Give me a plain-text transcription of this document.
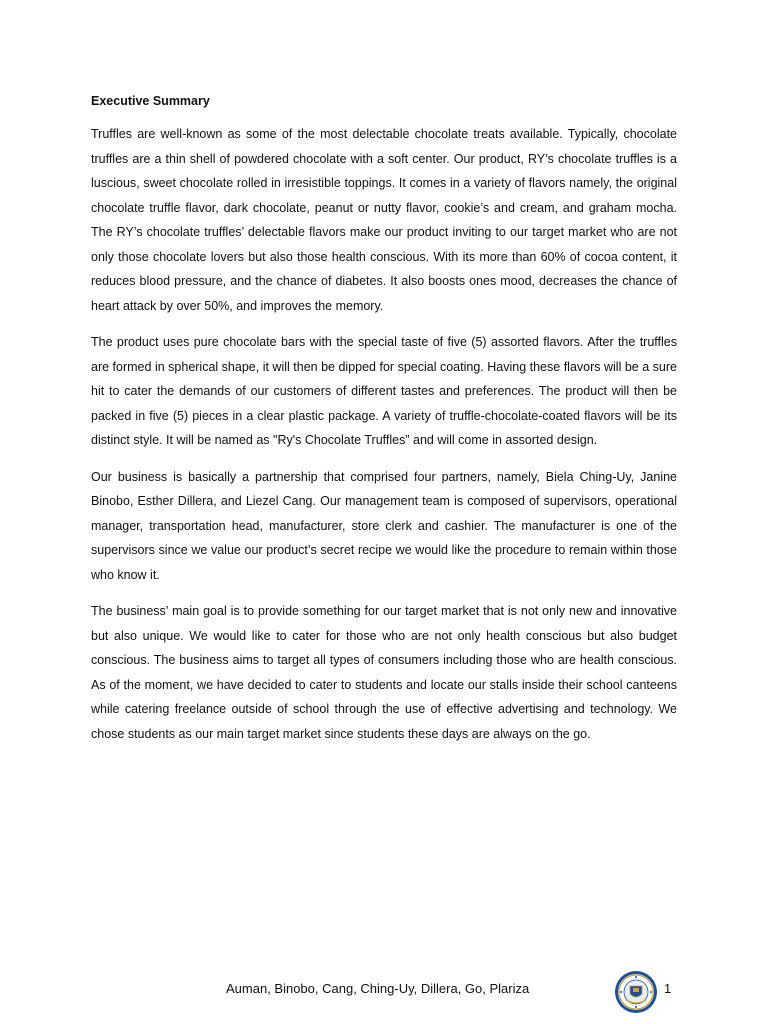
Executive Summary

Truffles are well-known as some of the most delectable chocolate treats available. Typically, chocolate truffles are a thin shell of powdered chocolate with a soft center. Our product, RY’s chocolate truffles is a luscious, sweet chocolate rolled in irresistible toppings. It comes in a variety of flavors namely, the original chocolate truffle flavor, dark chocolate, peanut or nutty flavor, cookie’s and cream, and graham mocha. The RY’s chocolate truffles’ delectable flavors make our product inviting to our target market who are not only those chocolate lovers but also those health conscious. With its more than 60% of cocoa content, it reduces blood pressure, and the chance of diabetes. It also boosts ones mood, decreases the chance of heart attack by over 50%, and improves the memory.

The product uses pure chocolate bars with the special taste of five (5) assorted flavors. After the truffles are formed in spherical shape, it will then be dipped for special coating. Having these flavors will be a sure hit to cater the demands of our customers of different tastes and preferences. The product will then be packed in five (5) pieces in a clear plastic package. A variety of truffle-chocolate-coated flavors will be its distinct style. It will be named as "Ry's Chocolate Truffles” and will come in assorted design.

Our business is basically a partnership that comprised four partners, namely, Biela Ching-Uy, Janine Binobo, Esther Dillera, and Liezel Cang. Our management team is composed of supervisors, operational manager, transportation head, manufacturer, store clerk and cashier. The manufacturer is one of the supervisors since we value our product’s secret recipe we would like the procedure to remain within those who know it.

The business’ main goal is to provide something for our target market that is not only new and innovative but also unique. We would like to cater for those who are not only health conscious but also budget conscious. The business aims to target all types of consumers including those who are health conscious. As of the moment, we have decided to cater to students and locate our stalls inside their school canteens while catering freelance outside of school through the use of effective advertising and technology. We chose students as our main target market since students these days are always on the go.

Auman, Binobo, Cang, Ching-Uy, Dillera, Go, Plariza	1
